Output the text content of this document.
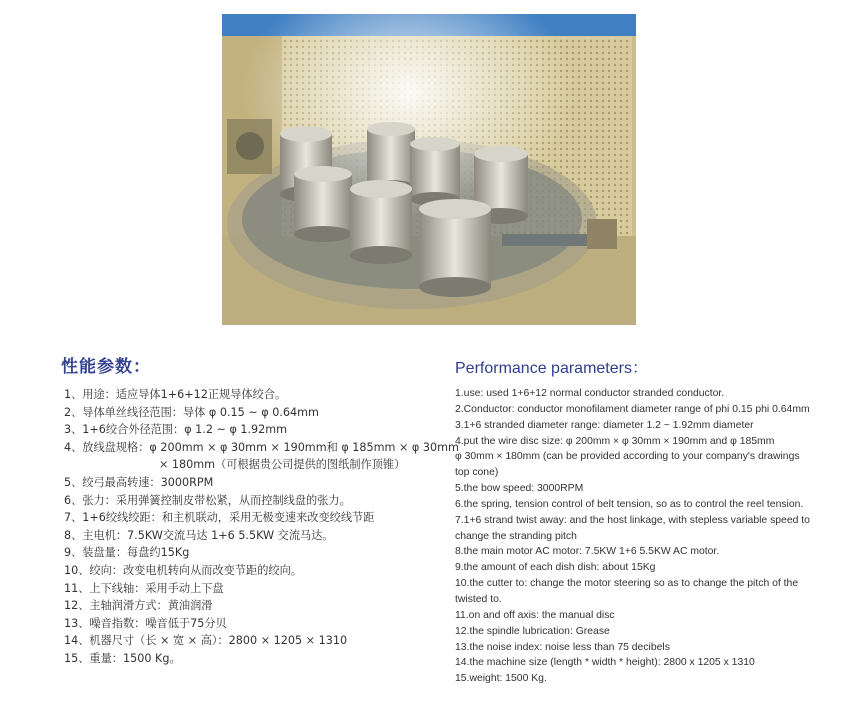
性能参数：	Performance parameters：
1、用途：适应导体1+6+12正规导体绞合。
2、导体单丝线径范围：导体 φ 0.15 ~ φ 0.64mm
3、1+6绞合外径范围：φ 1.2 ~ φ 1.92mm
4、放线盘规格：φ 200mm × φ 30mm × 190mm和 φ 185mm × φ 30mm
× 180mm（可根据贵公司提供的图纸制作顶锥）
5、绞弓最高转速：3000RPM
6、张力：采用弹簧控制皮带松紧，从而控制线盘的张力。
7、1+6绞线绞距：和主机联动，采用无极变速来改变绞线节距
8、主电机：7.5KW交流马达 1+6 5.5KW 交流马达。
9、装盘量：每盘约15Kg
10、绞向：改变电机转向从而改变节距的绞向。
11、上下线轴：采用手动上下盘
12、主轴润滑方式：黄油润滑
13、噪音指数：噪音低于75分贝
14、机器尺寸（长 × 宽 × 高）：2800 × 1205 × 1310
15、重量：1500 Kg。
1.use: used 1+6+12 normal conductor stranded conductor.
2.Conductor: conductor monofilament diameter range of phi 0.15 phi 0.64mm
3.1+6 stranded diameter range: diameter 1.2 ~ 1.92mm diameter
4.put the wire disc size: φ 200mm × φ 30mm × 190mm and φ 185mm
φ 30mm × 180mm (can be provided according to your company's drawings
top cone)
5.the bow speed: 3000RPM
6.the spring, tension control of belt tension, so as to control the reel tension.
7.1+6 strand twist away: and the host linkage, with stepless variable speed to
change the stranding pitch
8.the main motor AC motor: 7.5KW 1+6 5.5KW AC motor.
9.the amount of each dish dish: about 15Kg
10.the cutter to: change the motor steering so as to change the pitch of the
twisted to.
11.on and off axis: the manual disc
12.the spindle lubrication: Grease
13.the noise index: noise less than 75 decibels
14.the machine size (length * width * height): 2800 x 1205 x 1310
15.weight: 1500 Kg.
